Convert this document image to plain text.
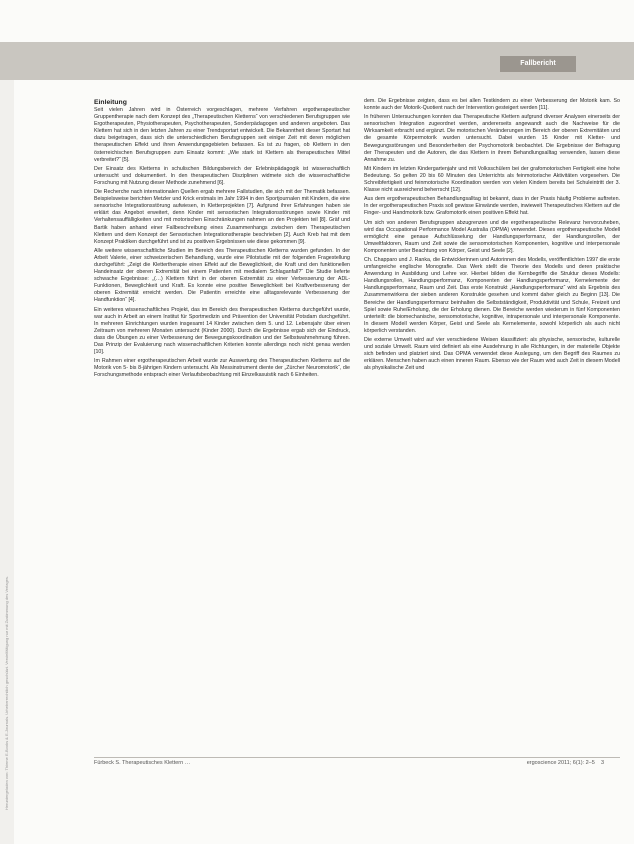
Fallbericht
Heruntergeladen von: Thieme E-Books & E-Journals. Urheberrechtlich geschützt. Vervielfältigung nur mit Zustimmung des Verlages.
Einleitung

Seit vielen Jahren wird in Österreich vorgeschlagen, mehrere Verfahren ergotherapeutischer Gruppentherapie nach dem Konzept des „Therapeutischen Kletterns“ von verschiedenen Berufsgruppen wie Ergotherapeuten, Physiotherapeuten, Psychotherapeuten, Sonderpädagogen und anderen angeboten. Das Klettern hat sich in den letzten Jahren zu einer Trendsportart entwickelt. Die Bekanntheit dieser Sportart hat dazu beigetragen, dass sich die unterschiedlichen Berufsgruppen seit einiger Zeit mit deren möglichen therapeutischen Effekt und ihren Anwendungsgebieten befassen. Es ist zu fragen, ob Klettern in den österreichischen Berufsgruppen zum Einsatz kommt: „Wie stark ist Klettern als therapeutisches Mittel verbreitet?“ [5].

Der Einsatz des Kletterns in schulischen Bildungsbereich der Erlebnispädagogik ist wissenschaftlich untersucht und dokumentiert. In den therapeutischen Disziplinen widmete sich die wissenschaftliche Forschung mit Nutzung dieser Methode zunehmend [6].

Die Recherche nach internationalen Quellen ergab mehrere Fallstudien, die sich mit der Thematik befassen. Beispielsweise berichten Metzler und Krick erstmals im Jahr 1994 in den Sportjournalen mit Kindern, die eine sensorische Integrationsstörung aufwiesen, in Kletterprojekten [7]. Aufgrund ihrer Erfahrungen haben sie erklärt das Angebot erweitert, denn Kinder mit sensorischen Integrationsstörungen sowie Kinder mit Verhaltensauffälligkeiten und mit motorischen Einschränkungen nahmen an den Projekten teil [8]. Gräf und Bartik haben anhand einer Fallbeschreibung eines Zusammenhangs zwischen dem Therapeutischen Klettern und dem Konzept der Sensorischen Integrationstherapie beschrieben [2]. Auch Kreb hat mit dem Konzept Praktiken durchgeführt und ist zu positiven Ergebnissen wie diese gekommen [9].

Alle weitere wissenschaftliche Studien im Bereich des Therapeutischen Kletterns wurden gefunden. In der Arbeit Valerie, einer schweizerischen Behandlung, wurde eine Pilotstudie mit der folgenden Fragestellung durchgeführt: „Zeigt die Klettertherapie einen Effekt auf die Beweglichkeit, die Kraft und den funktionellen Handeinsatz der oberen Extremität bei einem Patienten mit medialem Schlaganfall?“ Die Studie lieferte schwache Ergebnisse: „(…) Klettern führt in der oberen Extremität zu einer Verbesserung der ADL-Funktionen, Beweglichkeit und Kraft. Es konnte eine positive Beweglichkeit bei Kraftverbesserung der oberen Extremität erreicht werden. Die Patientin erreichte eine alltagsrelevante Verbesserung der Handfunktion“ [4].

Ein weiteres wissenschaftliches Projekt, das im Bereich des therapeutischen Kletterns durchgeführt wurde, war auch in Arbeit an einem Institut für Sportmedizin und Prävention der Universität Potsdam durchgeführt. In mehreren Einrichtungen wurden insgesamt 14 Kinder zwischen dem 5. und 12. Lebensjahr über einen Zeitraum von mehreren Monaten untersucht (Kinder 2000). Durch die Ergebnisse ergab sich der Eindruck, dass die Übungen zu einer Verbesserung der Bewegungskoordination und der Selbstwahrnehmung führen. Das Prinzip der Evaluierung nach wissenschaftlichen Kriterien konnte allerdings noch nicht genau werden [10].

Im Rahmen einer ergotherapeutischen Arbeit wurde zur Auswertung des Therapeutischen Kletterns auf die Motorik von 5- bis 8-jährigen Kindern untersucht. Als Messinstrument diente der „Zürcher Neuromotorik“, die Forschungsmethode entsprach einer Verlaufsbeobachtung mit Einzelkasuistik nach 6 Einheiten.

dem. Die Ergebnisse zeigten, dass es bei allen Testkindern zu einer Verbesserung der Motorik kam. So konnte auch der Motorik-Quotient nach der Intervention gesteigert werden [11].

In früheren Untersuchungen konnten das Therapeutische Klettern aufgrund diverser Analysen einerseits der sensorischen Integration zugeordnet werden, andererseits angewandt auch die Nachweise für die Wirksamkeit erbracht und ergänzt. Die motorischen Veränderungen im Bereich der oberen Extremitäten und die gesamte Körpermotorik wurden untersucht. Dabei wurden 15 Kinder mit Kletter- und Bewegungsstörungen und Besonderheiten der Psychomotorik beobachtet. Die Ergebnisse der Befragung der Therapeuten und die Autoren, die das Klettern in ihrem Behandlungsalltag verwenden, lassen diese Annahme zu.

Mit Kindern im letzten Kindergartenjahr und mit Volksschülern bei der grafomotorischen Fertigkeit eine hohe Bedeutung. So gelten 20 bis 60 Minuten des Unterrichts als feinmotorische Aktivitäten vorgesehen. Die Schreibfertigkeit und feinmotorische Koordination werden von vielen Kindern bereits bei Schuleintritt der 3. Klasse nicht ausreichend beherrscht [12].

Aus dem ergotherapeutischen Behandlungsalltag ist bekannt, dass in der Praxis häufig Probleme auftreten. In der ergotherapeutischen Praxis soll gewisse Einwände werden, inwieweit Therapeutisches Klettern auf die Finger- und Handmotorik bzw. Grafomotorik einen positiven Effekt hat.

Um sich von anderen Berufsgruppen abzugrenzen und die ergotherapeutische Relevanz hervorzuheben, wird das Occupational Performance Model Australia (OPMA) verwendet. Dieses ergotherapeutische Modell ermöglicht eine genaue Aufschlüsselung der Handlungsperformanz, der Handlungsrollen, der Umweltfaktoren, Raum und Zeit sowie die sensomotorischen Komponenten, kognitive und interpersonale Komponenten unter Beachtung von Körper, Geist und Seele [2].

Ch. Chapparo und J. Ranka, die Entwicklerinnen und Autorinnen des Modells, veröffentlichten 1997 die erste umfangreiche englische Monografie. Das Werk stellt die Theorie des Modells und deren praktische Anwendung in Ausbildung und Lehre vor. Hierbei bilden die Kernbegriffe die Struktur dieses Modells: Handlungsrollen, Handlungsperformanz, Komponenten der Handlungsperformanz, Kernelemente der Handlungsperformanz, Raum und Zeit. Das erste Konstrukt „Handlungsperformanz“ wird als Ergebnis des Zusammenwirkens der sieben anderen Konstrukte gesehen und kommt daher gleich zu Beginn [13]. Die Bereiche der Handlungsperformanz beinhalten die Selbstständigkeit, Produktivität und Schule, Freizeit und Spiel sowie Ruhe/Erholung, die der Erholung dienen. Die Bereiche werden wiederum in fünf Komponenten unterteilt: die biomechanische, sensomotorische, kognitive, intrapersonale und interpersonale Komponente. In diesem Modell werden Körper, Geist und Seele als Kernelemente, sowohl körperlich als auch nicht körperlich verstanden.

Die externe Umwelt wird auf vier verschiedene Weisen klassifiziert: als physische, sensorische, kulturelle und soziale Umwelt. Raum wird definiert als eine Ausdehnung in alle Richtungen, in der materielle Objekte sich befinden und platziert sind. Das OPMA verwendet diese Auslegung, um den Begriff des Raumes zu erklären. Menschen haben auch einen inneren Raum. Ebenso wie der Raum wird auch Zeit in diesem Modell als physikalische Zeit und

Fürbeck S. Therapeutisches Klettern …	ergoscience 2011; 6(1): 2–5 3
